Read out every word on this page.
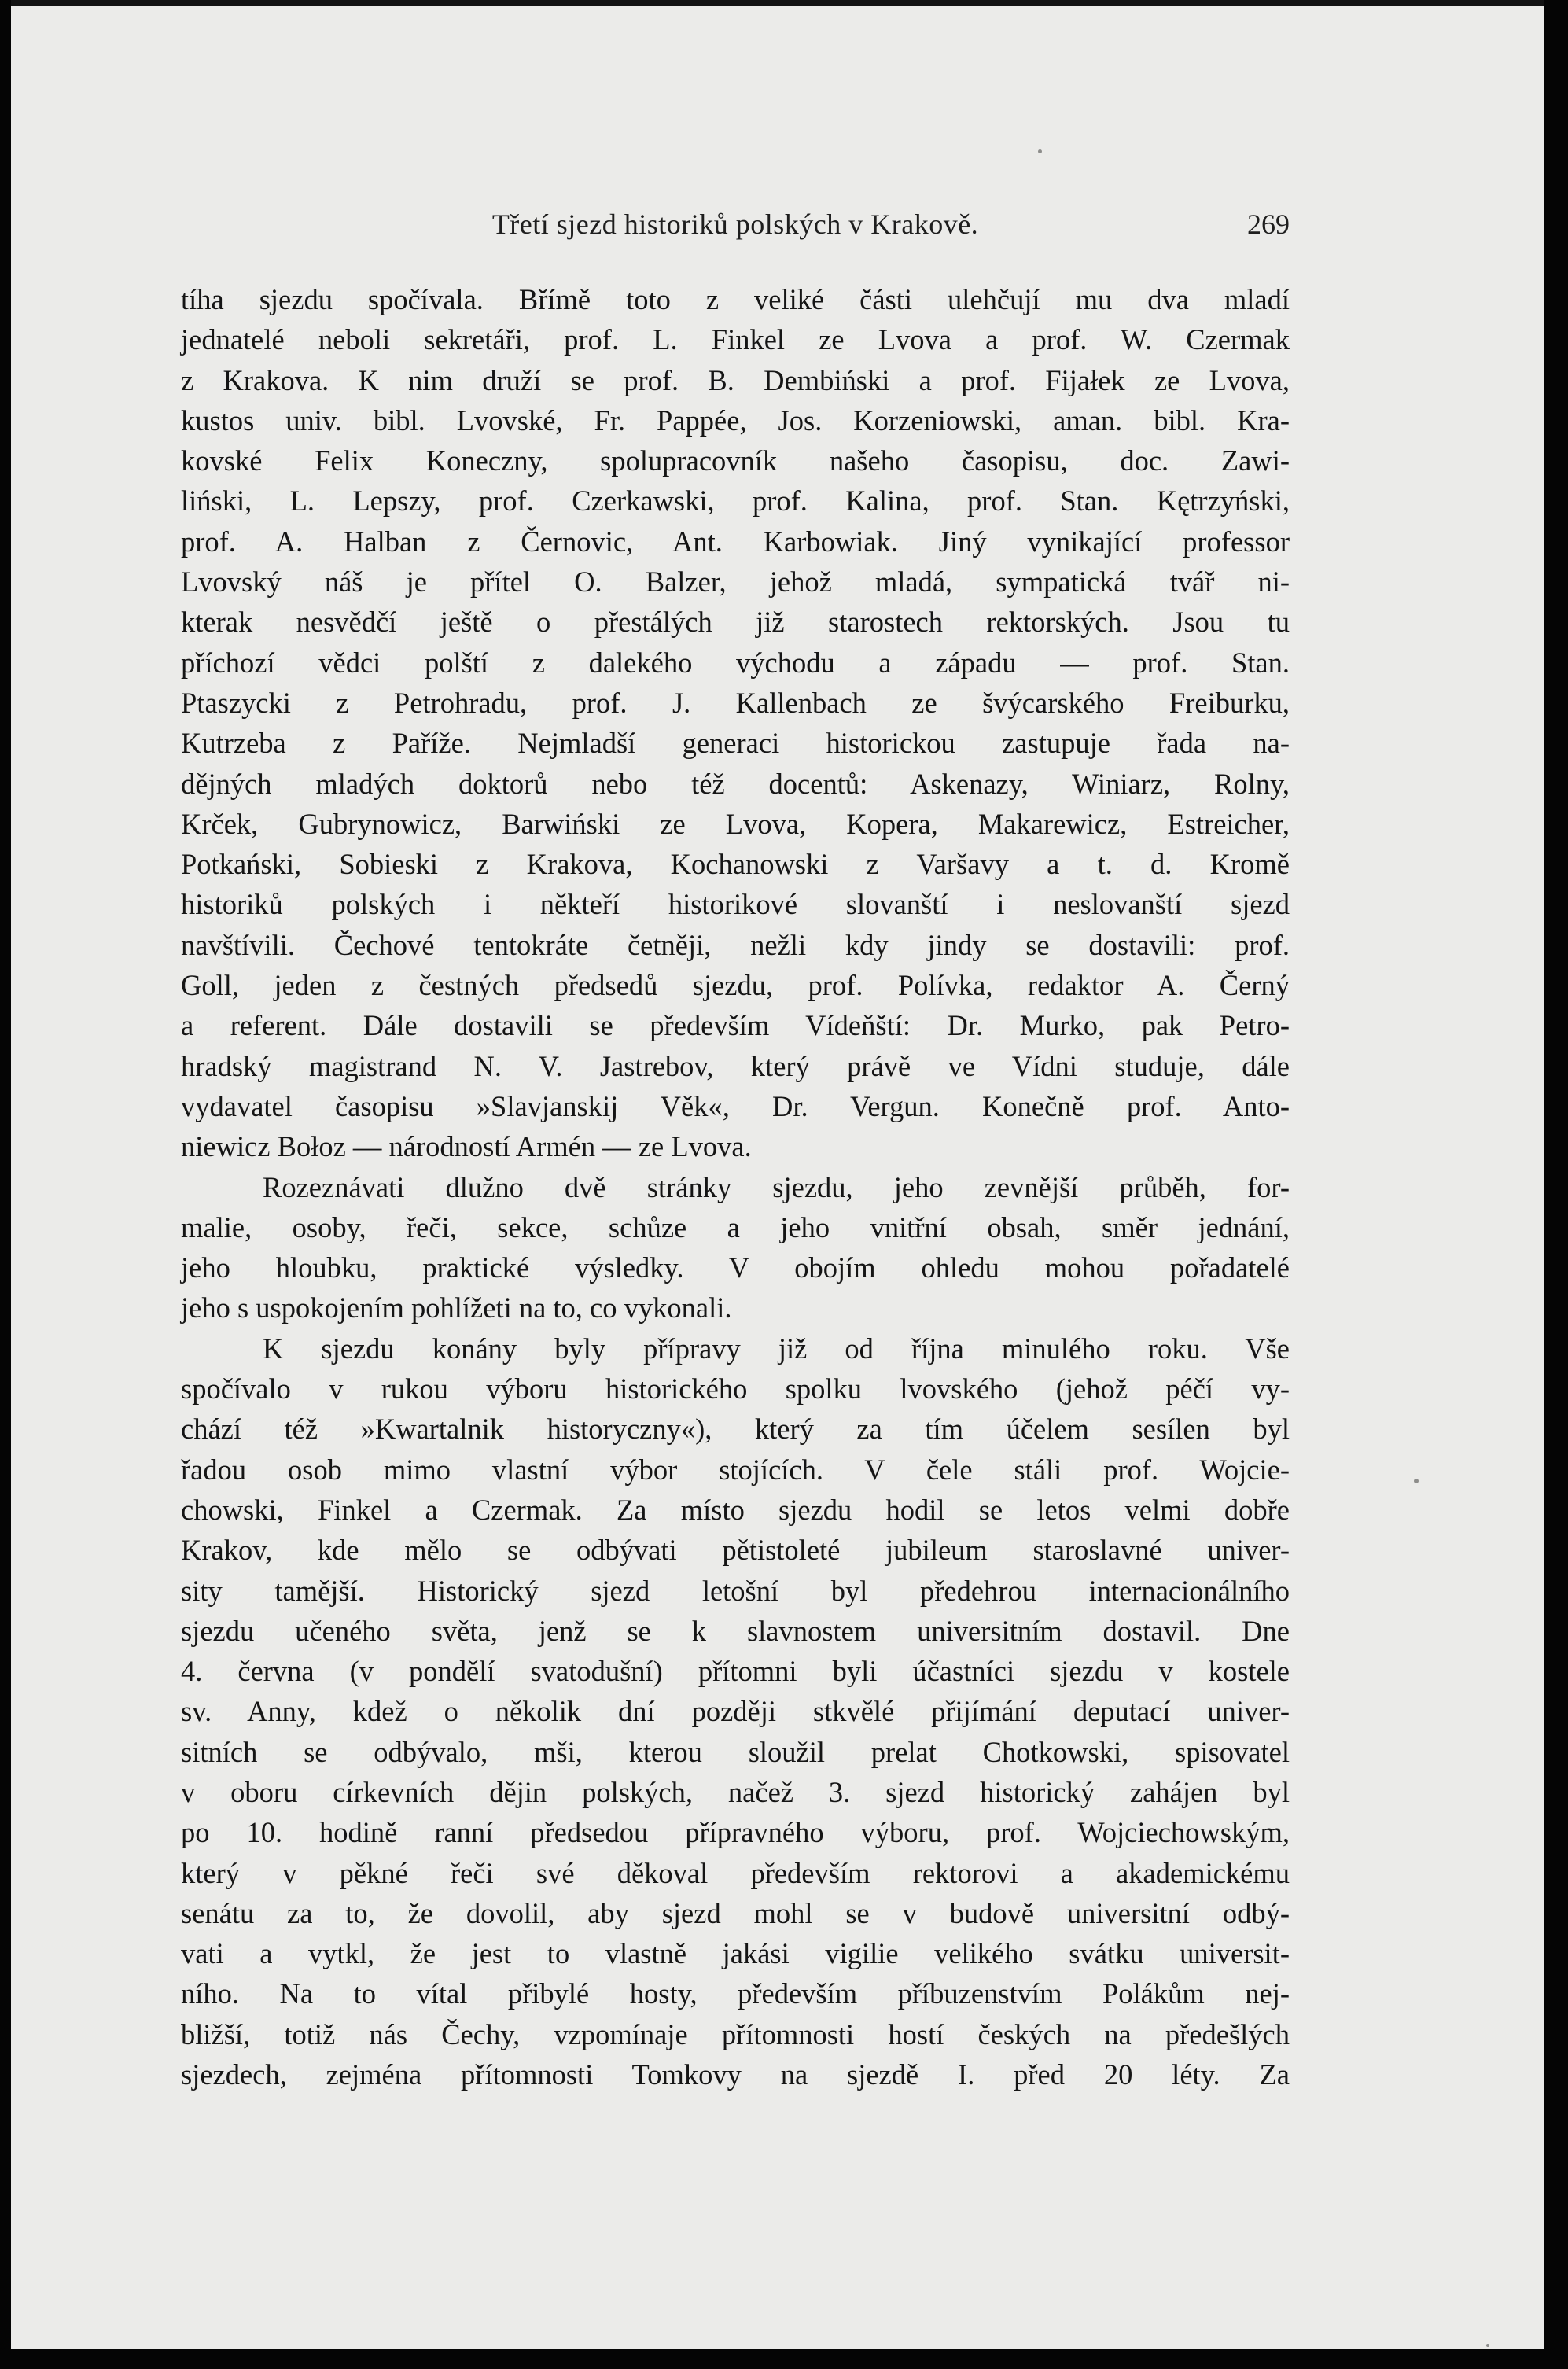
Třetí sjezd historiků polských v Krakově.	269

tíha sjezdu spočívala. Břímě toto z veliké části ulehčují mu dva mladí

jednatelé neboli sekretáři, prof. L. Finkel ze Lvova a prof. W. Czermak

z Krakova. K nim druží se prof. B. Dembiński a prof. Fijałek ze Lvova,

kustos univ. bibl. Lvovské, Fr. Pappée, Jos. Korzeniowski, aman. bibl. Kra-

kovské Felix Koneczny, spolupracovník našeho časopisu, doc. Zawi-

liński, L. Lepszy, prof. Czerkawski, prof. Kalina, prof. Stan. Kętrzyński,

prof. A. Halban z Černovic, Ant. Karbowiak. Jiný vynikající professor

Lvovský náš je přítel O. Balzer, jehož mladá, sympatická tvář ni-

kterak nesvědčí ještě o přestálých již starostech rektorských. Jsou tu

příchozí vědci polští z dalekého východu a západu — prof. Stan.

Ptaszycki z Petrohradu, prof. J. Kallenbach ze švýcarského Freiburku,

Kutrzeba z Paříže. Nejmladší generaci historickou zastupuje řada na-

dějných mladých doktorů nebo též docentů: Askenazy, Winiarz, Rolny,

Krček, Gubrynowicz, Barwiński ze Lvova, Kopera, Makarewicz, Estreicher,

Potkański, Sobieski z Krakova, Kochanowski z Varšavy a t. d. Kromě

historiků polských i někteří historikové slovanští i neslovanští sjezd

navštívili. Čechové tentokráte četněji, nežli kdy jindy se dostavili: prof.

Goll, jeden z čestných předsedů sjezdu, prof. Polívka, redaktor A. Černý

a referent. Dále dostavili se především Vídeňští: Dr. Murko, pak Petro-

hradský magistrand N. V. Jastrebov, který právě ve Vídni studuje, dále

vydavatel časopisu »Slavjanskij Věk«, Dr. Vergun. Konečně prof. Anto-

niewicz Bołoz — národností Armén — ze Lvova.

Rozeznávati dlužno dvě stránky sjezdu, jeho zevnější průběh, for-

malie, osoby, řeči, sekce, schůze a jeho vnitřní obsah, směr jednání,

jeho hloubku, praktické výsledky. V obojím ohledu mohou pořadatelé

jeho s uspokojením pohlížeti na to, co vykonali.

K sjezdu konány byly přípravy již od října minulého roku. Vše

spočívalo v rukou výboru historického spolku lvovského (jehož péčí vy-

chází též »Kwartalnik historyczny«), který za tím účelem sesílen byl

řadou osob mimo vlastní výbor stojících. V čele stáli prof. Wojcie-

chowski, Finkel a Czermak. Za místo sjezdu hodil se letos velmi dobře

Krakov, kde mělo se odbývati pětistoleté jubileum staroslavné univer-

sity tamější. Historický sjezd letošní byl předehrou internacionálního

sjezdu učeného světa, jenž se k slavnostem universitním dostavil. Dne

4. června (v pondělí svatodušní) přítomni byli účastníci sjezdu v kostele

sv. Anny, kdež o několik dní později stkvělé přijímání deputací univer-

sitních se odbývalo, mši, kterou sloužil prelat Chotkowski, spisovatel

v oboru církevních dějin polských, načež 3. sjezd historický zahájen byl

po 10. hodině ranní předsedou přípravného výboru, prof. Wojciechowským,

který v pěkné řeči své děkoval především rektorovi a akademickému

senátu za to, že dovolil, aby sjezd mohl se v budově universitní odbý-

vati a vytkl, že jest to vlastně jakási vigilie velikého svátku universit-

ního. Na to vítal přibylé hosty, především příbuzenstvím Polákům nej-

bližší, totiž nás Čechy, vzpomínaje přítomnosti hostí českých na předešlých

sjezdech, zejména přítomnosti Tomkovy na sjezdě I. před 20 léty. Za
